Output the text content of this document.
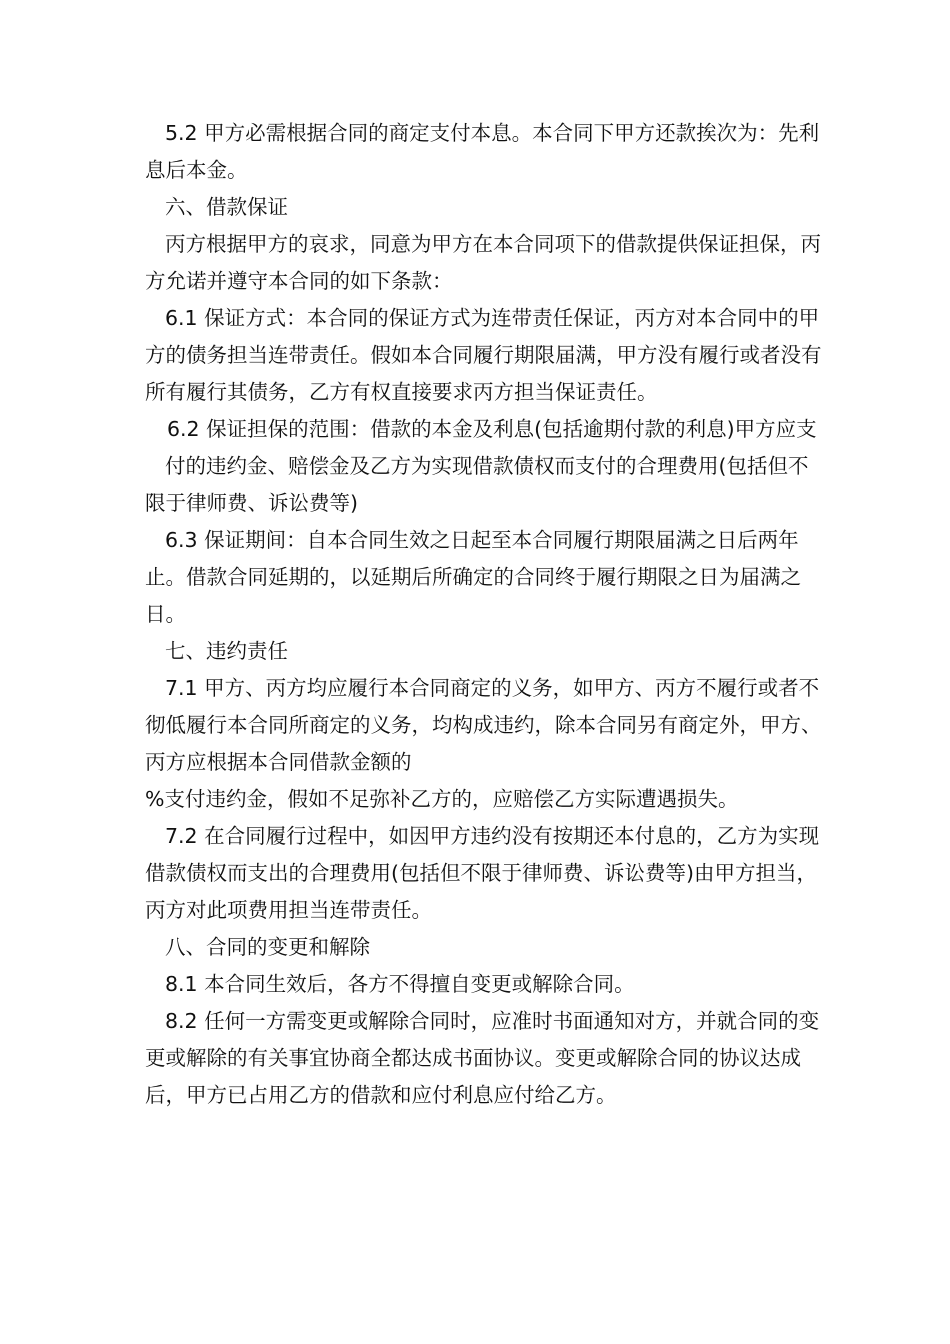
5.2 甲方必需根据合同的商定支付本息。本合同下甲方还款挨次为：先利息后本金。

六、借款保证

丙方根据甲方的哀求，同意为甲方在本合同项下的借款提供保证担保，丙方允诺并遵守本合同的如下条款：

6.1 保证方式：本合同的保证方式为连带责任保证，丙方对本合同中的甲方的债务担当连带责任。假如本合同履行期限届满，甲方没有履行或者没有所有履行其债务，乙方有权直接要求丙方担当保证责任。

6.2 保证担保的范围：借款的本金及利息(包括逾期付款的利息)甲方应支

付的违约金、赔偿金及乙方为实现借款债权而支付的合理费用(包括但不限于律师费、诉讼费等)

6.3 保证期间：自本合同生效之日起至本合同履行期限届满之日后两年止。借款合同延期的，以延期后所确定的合同终于履行期限之日为届满之日。

七、违约责任

7.1 甲方、丙方均应履行本合同商定的义务，如甲方、丙方不履行或者不彻低履行本合同所商定的义务，均构成违约，除本合同另有商定外，甲方、丙方应根据本合同借款金额的

%支付违约金，假如不足弥补乙方的，应赔偿乙方实际遭遇损失。

7.2 在合同履行过程中，如因甲方违约没有按期还本付息的，乙方为实现借款债权而支出的合理费用(包括但不限于律师费、诉讼费等)由甲方担当，丙方对此项费用担当连带责任。

八、合同的变更和解除

8.1 本合同生效后，各方不得擅自变更或解除合同。

8.2 任何一方需变更或解除合同时，应准时书面通知对方，并就合同的变更或解除的有关事宜协商全都达成书面协议。变更或解除合同的协议达成后，甲方已占用乙方的借款和应付利息应付给乙方。
